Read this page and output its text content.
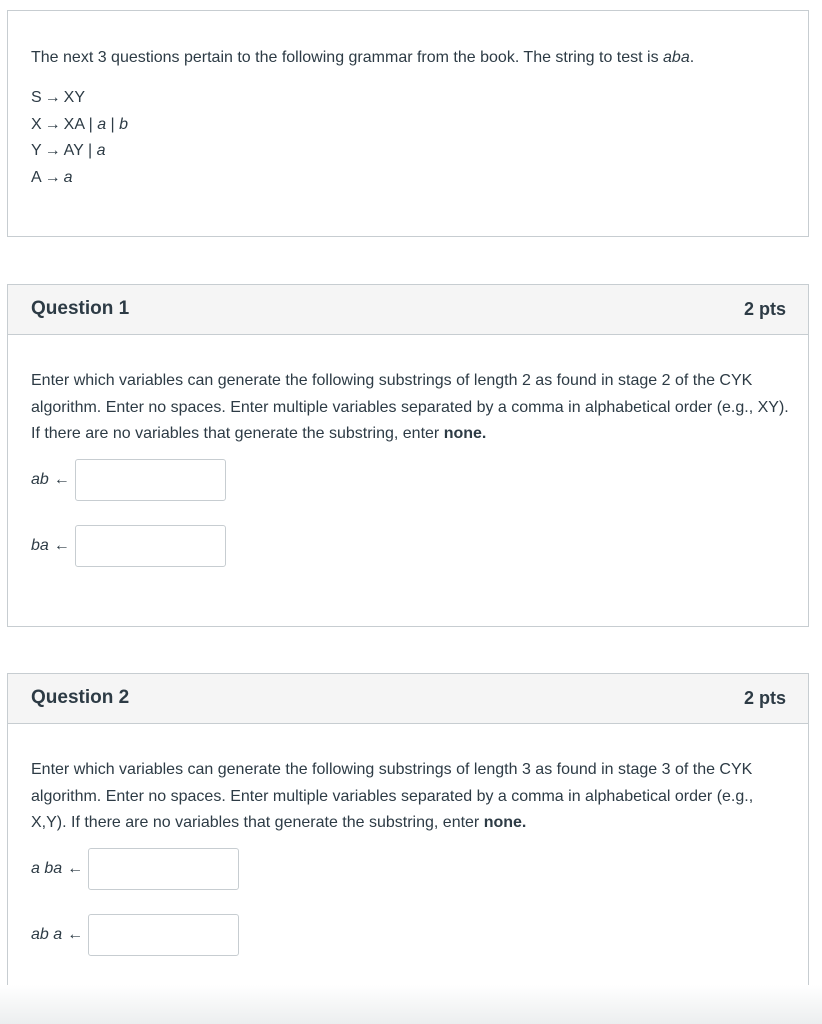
The next 3 questions pertain to the following grammar from the book. The string to test is aba.
S → XY
X → XA | a | b
Y → AY | a
A → a
Question 1	2 pts
Enter which variables can generate the following substrings of length 2 as found in stage 2 of the CYK algorithm. Enter no spaces. Enter multiple variables separated by a comma in alphabetical order (e.g., XY). If there are no variables that generate the substring, enter none.
ab ←
ba ←
Question 2	2 pts
Enter which variables can generate the following substrings of length 3 as found in stage 3 of the CYK algorithm. Enter no spaces. Enter multiple variables separated by a comma in alphabetical order (e.g., X,Y). If there are no variables that generate the substring, enter none.
a ba ←
ab a ←
